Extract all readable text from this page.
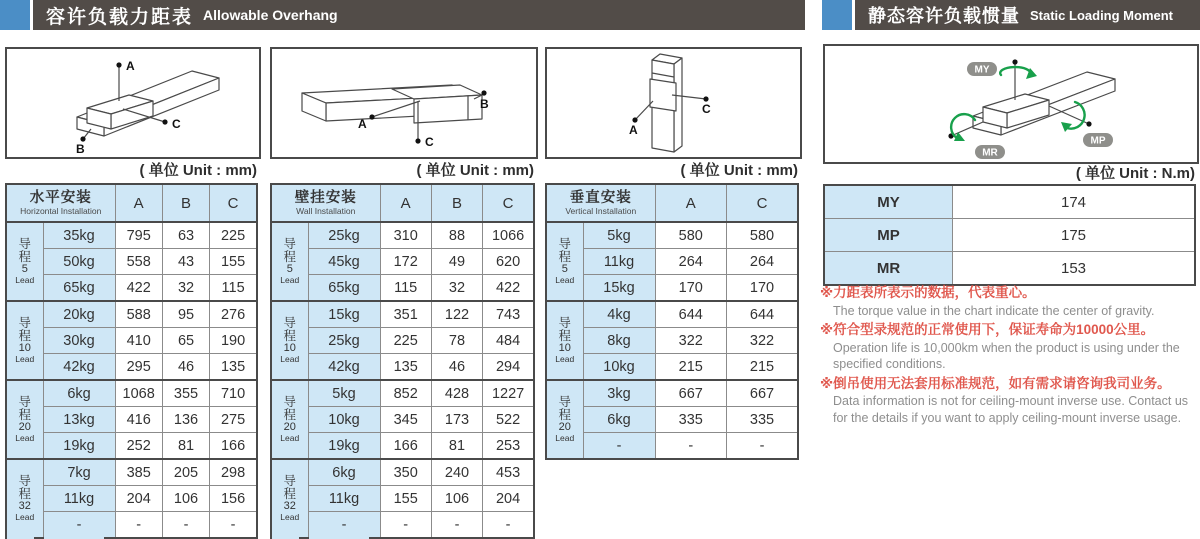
容许负载力距表 Allowable Overhang	静态容许负载惯量 Static Loading Moment
A
B
C
B
A
C
C
A
MY
MP
MR
( 单位 Unit : mm)	( 单位 Unit : mm)	( 单位 Unit : mm)	( 单位 Unit : N.m)
水平安装
Horizontal Installation		A	B	C

导
程
5
Lead	35kg	795	63	225
	50kg	558	43	155
	65kg	422	32	115

导
程
10
Lead	20kg	588	95	276
	30kg	410	65	190
	42kg	295	46	135

导
程
20
Lead	6kg	1068	355	710
	13kg	416	136	275
	19kg	252	81	166

导
程
32
Lead	7kg	385	205	298
	11kg	204	106	156
	-	-	-	-
壁挂安装
Wall Installation		A	B	C

导
程
5
Lead	25kg	310	88	1066
	45kg	172	49	620
	65kg	115	32	422

导
程
10
Lead	15kg	351	122	743
	25kg	225	78	484
	42kg	135	46	294

导
程
20
Lead	5kg	852	428	1227
	10kg	345	173	522
	19kg	166	81	253

导
程
32
Lead	6kg	350	240	453
	11kg	155	106	204
	-	-	-	-
垂直安装
Vertical Installation		A	C

导
程
5
Lead	5kg	580	580
	11kg	264	264
	15kg	170	170

导
程
10
Lead	4kg	644	644
	8kg	322	322
	10kg	215	215

导
程
20
Lead	3kg	667	667
	6kg	335	335
	-	-	-
MY	174
MP	175
MR	153
※力距表所表示的数据，代表重心。
The torque value in the chart indicate the center of gravity.
※符合型录规范的正常使用下，保证寿命为10000公里。
Operation life is 10,000km when the product is using under the specified conditions.
※倒吊使用无法套用标准规范，如有需求请咨询我司业务。
Data information is not for ceiling-mount inverse use. Contact us for the details if you want to apply ceiling-mount inverse usage.
